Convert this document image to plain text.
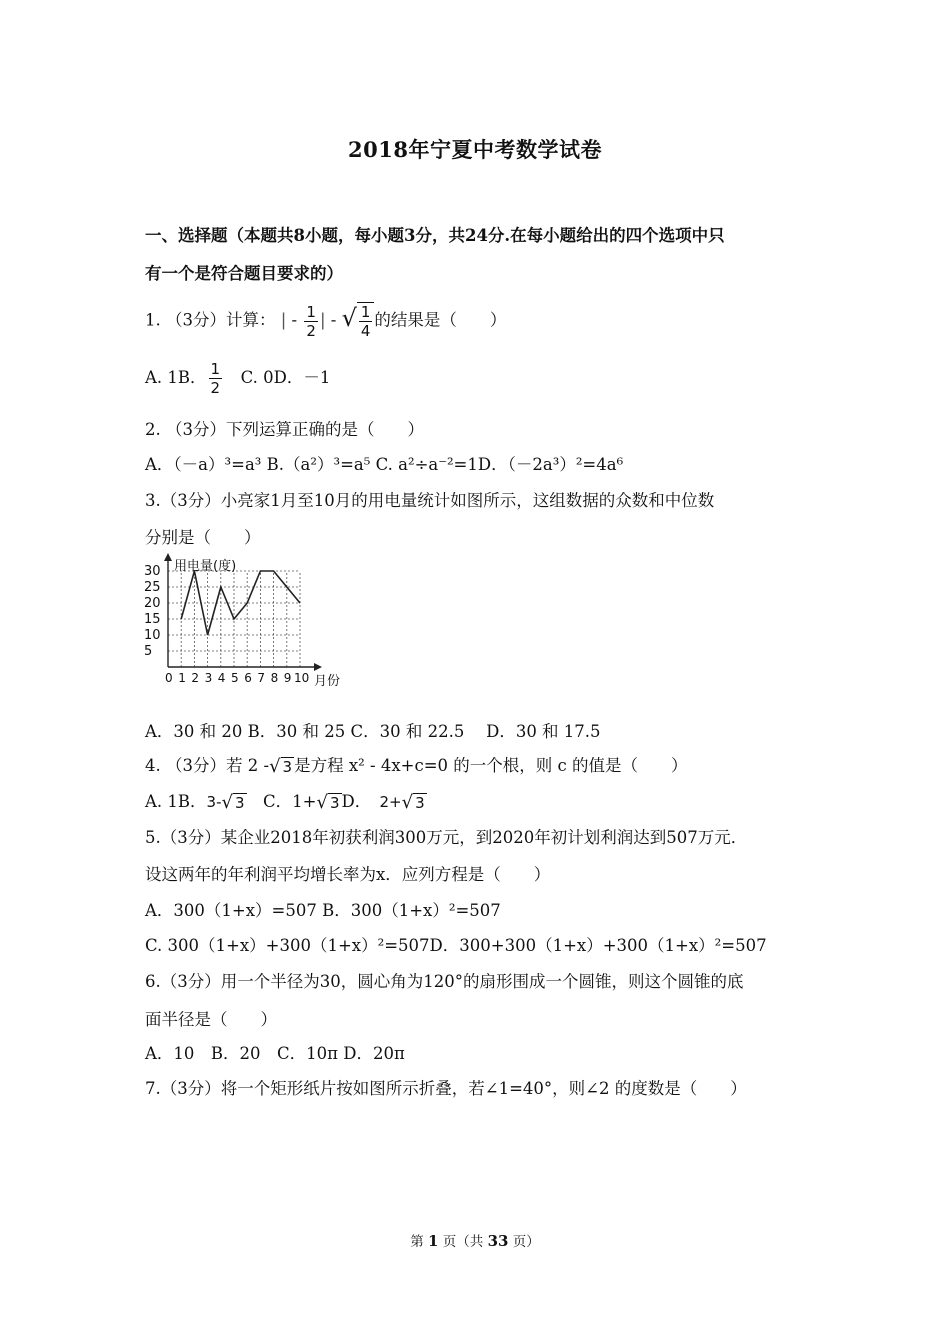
2018年宁夏中考数学试卷
一、选择题（本题共8小题，每小题3分，共24分.在每小题给出的四个选项中只
有一个是符合题目要求的）
1. （3分）计算： | - $\frac{1}{2}$ | - √ $\frac{1}{4}$ 的结果是（　　）
A. 1B． $\frac{1}{2}$ 　C. 0D．－1
2. （3分）下列运算正确的是（　　）
A．（－a）³=a³ B.（a²）³=a⁵ C. a²÷a⁻²=1D．（－2a³）²=4a⁶
3.（3分）小亮家1月至10月的用电量统计如图所示，这组数据的众数和中位数
分别是（　　）
0 1 2 3 4 5 6 7 8 9 10
5
10
15
20
25
30 用电量(度)
月份
A．30 和 20 B．30 和 25 C．30 和 22.5　 D．30 和 17.5
4. （3分）若 2 -√ 3 是方程 x² - 4x+c=0 的一个根，则 c 的值是（　　）
A. 1B．3-√ 3　C．1+√ 3 D．　 2+√ 3
5.（3分）某企业2018年初获利润300万元，到2020年初计划利润达到507万元．
设这两年的年利润平均增长率为x．应列方程是（　　）
A．300（1+x）=507 B．300（1+x）²=507
C. 300（1+x）+300（1+x）²=507D．300+300（1+x）+300（1+x）²=507
6.（3分）用一个半径为30，圆心角为120°的扇形围成一个圆锥，则这个圆锥的底
面半径是（　　）
A．10　B．20　C．10π D．20π
7.（3分）将一个矩形纸片按如图所示折叠，若∠1=40°，则∠2 的度数是（　　）
第 1 页（共 33 页）
